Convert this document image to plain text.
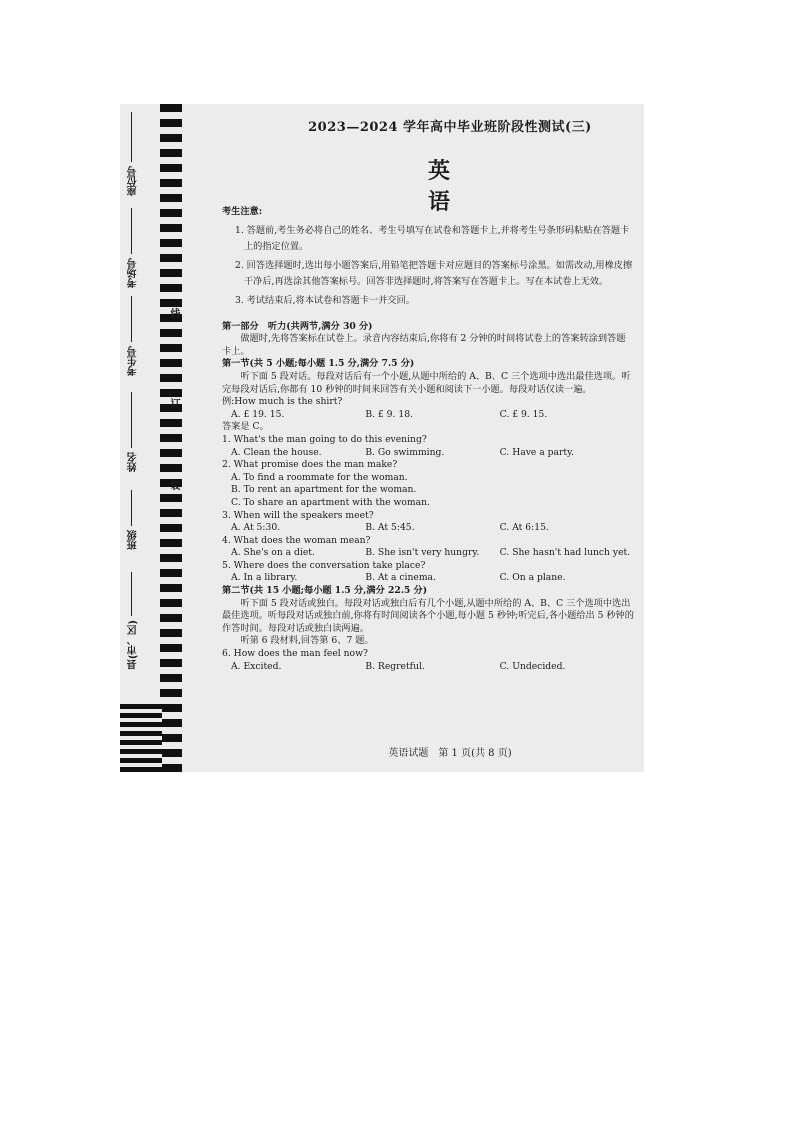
座位号
考场号
考生号
姓名
班级
县(市、区)
线
订
装
2023—2024 学年高中毕业班阶段性测试(三)
英 语
考生注意:
1. 答题前,考生务必将自己的姓名、考生号填写在试卷和答题卡上,并将考生号条形码粘贴在答题卡上的指定位置。
2. 回答选择题时,选出每小题答案后,用铅笔把答题卡对应题目的答案标号涂黑。如需改动,用橡皮擦干净后,再选涂其他答案标号。回答非选择题时,将答案写在答题卡上。写在本试卷上无效。
3. 考试结束后,将本试卷和答题卡一并交回。
第一部分　听力(共两节,满分 30 分)
做题时,先将答案标在试卷上。录音内容结束后,你将有 2 分钟的时间将试卷上的答案转涂到答题卡上。
第一节(共 5 小题;每小题 1.5 分,满分 7.5 分)
听下面 5 段对话。每段对话后有一个小题,从题中所给的 A、B、C 三个选项中选出最佳选项。听完每段对话后,你都有 10 秒钟的时间来回答有关小题和阅读下一小题。每段对话仅读一遍。
例:How much is the shirt?
A. £ 19. 15.	B. £ 9. 18.	C. £ 9. 15.
答案是 C。
1. What's the man going to do this evening?
A. Clean the house.	B. Go swimming.	C. Have a party.
2. What promise does the man make?
A. To find a roommate for the woman.
B. To rent an apartment for the woman.
C. To share an apartment with the woman.
3. When will the speakers meet?
A. At 5:30.	B. At 5:45.	C. At 6:15.
4. What does the woman mean?
A. She's on a diet.	B. She isn't very hungry.	C. She hasn't had lunch yet.
5. Where does the conversation take place?
A. In a library.	B. At a cinema.	C. On a plane.
第二节(共 15 小题;每小题 1.5 分,满分 22.5 分)
听下面 5 段对话或独白。每段对话或独白后有几个小题,从题中所给的 A、B、C 三个选项中选出最佳选项。听每段对话或独白前,你将有时间阅读各个小题,每小题 5 秒钟;听完后,各小题给出 5 秒钟的作答时间。每段对话或独白读两遍。
听第 6 段材料,回答第 6、7 题。
6. How does the man feel now?
A. Excited.	B. Regretful.	C. Undecided.
英语试题　第 1 页(共 8 页)
